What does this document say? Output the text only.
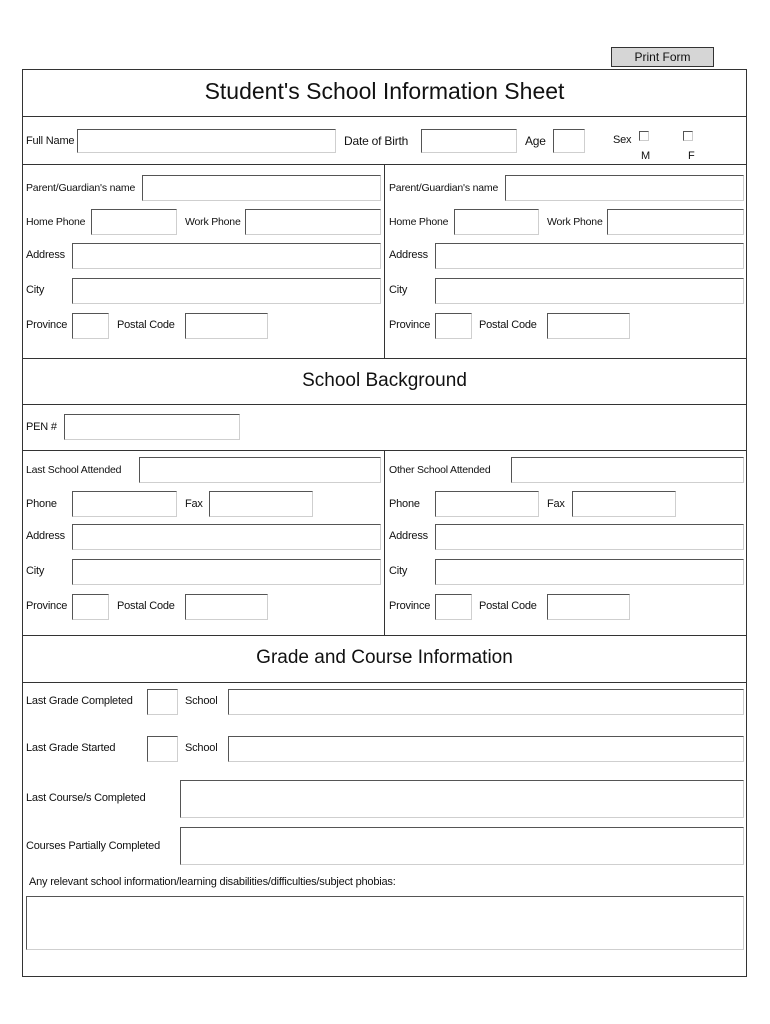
Print Form
Student's School Information Sheet
Full Name	Date of Birth	Age	Sex
M	F
Parent/Guardian's name
Home Phone	Work Phone
Address
City
Province	Postal Code
Parent/Guardian's name
Home Phone	Work Phone
Address
City
Province	Postal Code
School Background
PEN #
Last School Attended
Phone	Fax
Address
City
Province	Postal Code
Other School Attended
Phone	Fax
Address
City
Province	Postal Code
Grade and Course Information
Last Grade Completed	School
Last Grade Started	School
Last Course/s Completed
Courses Partially Completed
Any relevant school information/learning disabilities/difficulties/subject phobias:
